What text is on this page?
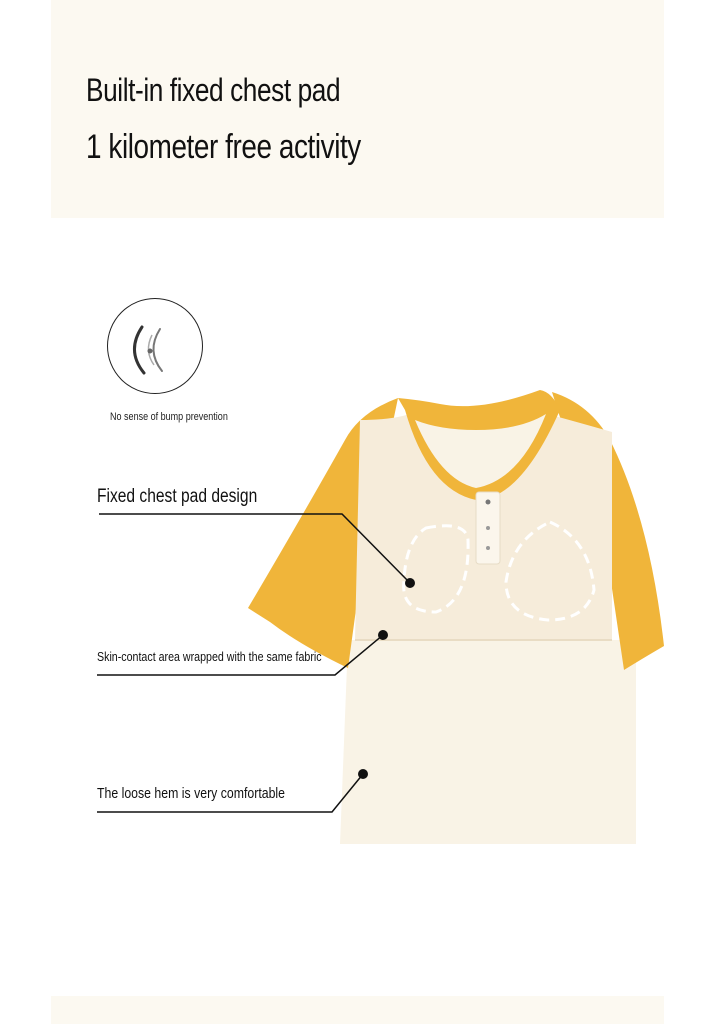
Built-in fixed chest pad
1 kilometer free activity
No sense of bump prevention
Fixed chest pad design
Skin-contact area wrapped with the same fabric
The loose hem is very comfortable
